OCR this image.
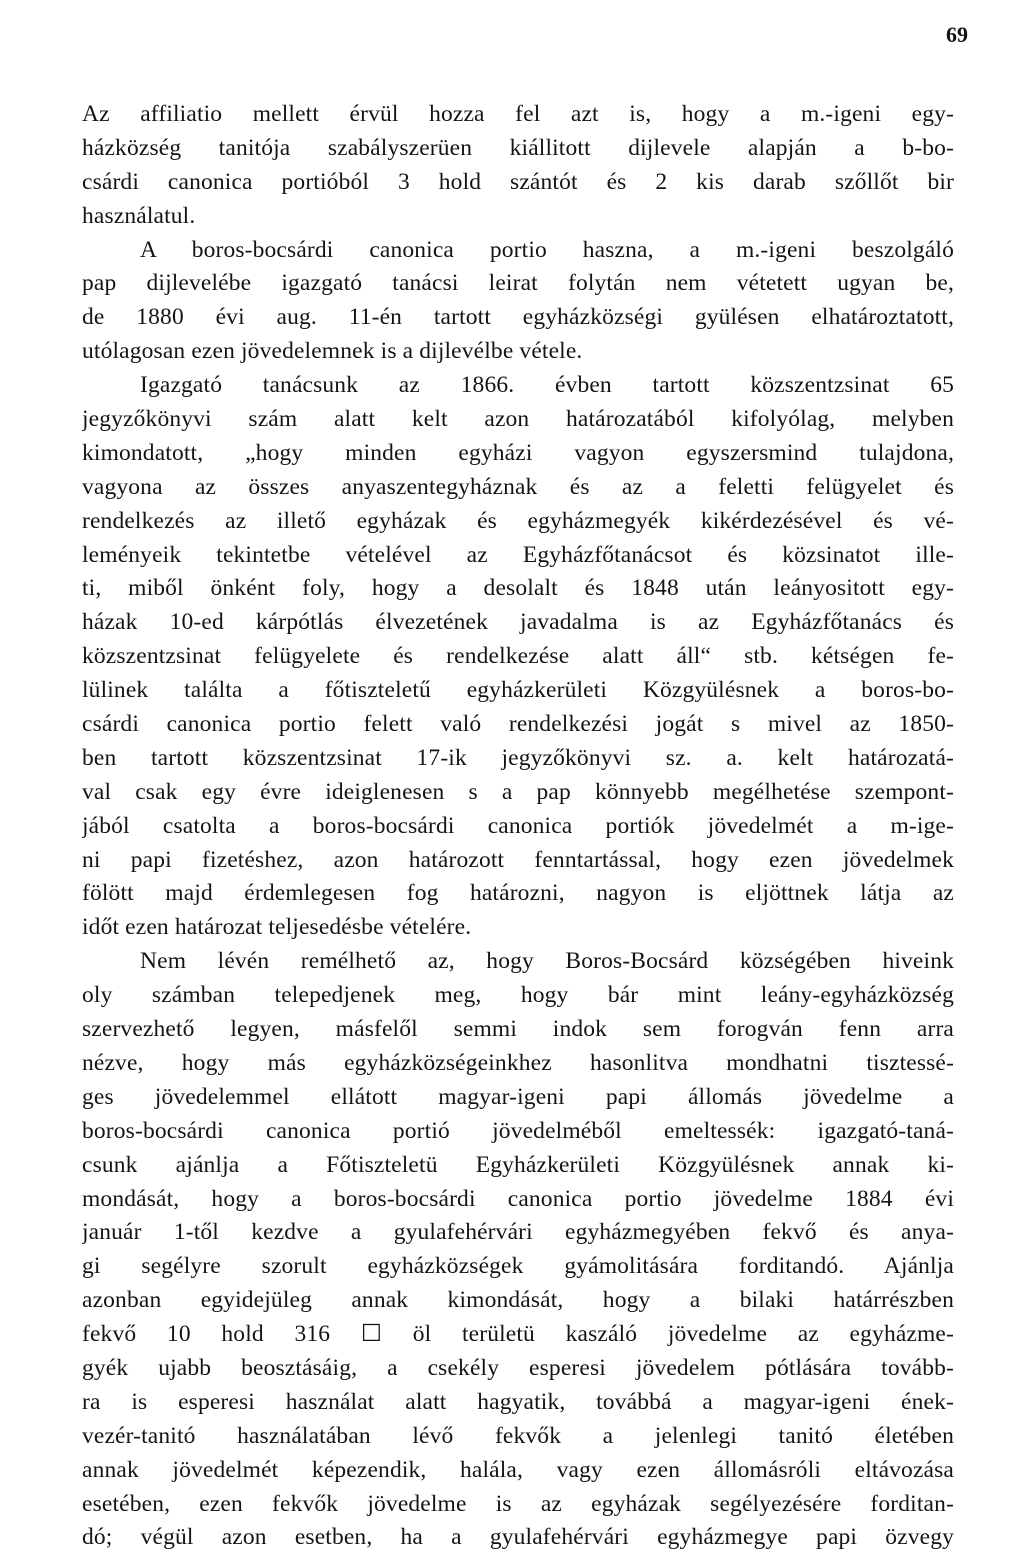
69
Az affiliatio mellett érvül hozza fel azt is, hogy a m.-igeni egy-
házközség tanitója szabályszerüen kiállitott dijlevele alapján a b-bo-
csárdi canonica portióból 3 hold szántót és 2 kis darab szőllőt bir
használatul.
A boros-bocsárdi canonica portio haszna, a m.-igeni beszolgáló
pap dijlevelébe igazgató tanácsi leirat folytán nem vétetett ugyan be,
de 1880 évi aug. 11-én tartott egyházközségi gyülésen elhatároztatott,
utólagosan ezen jövedelemnek is a dijlevélbe vétele.
Igazgató tanácsunk az 1866. évben tartott közszentzsinat 65
jegyzőkönyvi szám alatt kelt azon határozatából kifolyólag, melyben
kimondatott, „hogy minden egyházi vagyon egyszersmind tulajdona,
vagyona az összes anyaszentegyháznak és az a feletti felügyelet és
rendelkezés az illető egyházak és egyházmegyék kikérdezésével és vé-
leményeik tekintetbe vételével az Egyházfőtanácsot és közsinatot ille-
ti, miből önként foly, hogy a desolalt és 1848 után leányositott egy-
házak 10-ed kárpótlás élvezetének javadalma is az Egyházfőtanács és
közszentzsinat felügyelete és rendelkezése alatt áll“ stb. kétségen fe-
lülinek találta a főtiszteletű egyházkerületi Közgyülésnek a boros-bo-
csárdi canonica portio felett való rendelkezési jogát s mivel az 1850-
ben tartott közszentzsinat 17-ik jegyzőkönyvi sz. a. kelt határozatá-
val csak egy évre ideiglenesen s a pap könnyebb megélhetése szempont-
jából csatolta a boros-bocsárdi canonica portiók jövedelmét a m-ige-
ni papi fizetéshez, azon határozott fenntartással, hogy ezen jövedelmek
fölött majd érdemlegesen fog határozni, nagyon is eljöttnek látja az
időt ezen határozat teljesedésbe vételére.
Nem lévén remélhető az, hogy Boros-Bocsárd községében hiveink
oly számban telepedjenek meg, hogy bár mint leány-egyházközség
szervezhető legyen, másfelől semmi indok sem forogván fenn arra
nézve, hogy más egyházközségeinkhez hasonlitva mondhatni tisztessé-
ges jövedelemmel ellátott magyar-igeni papi állomás jövedelme a
boros-bocsárdi canonica portió jövedelméből emeltessék: igazgató-taná-
csunk ajánlja a Főtiszteletü Egyházkerületi Közgyülésnek annak ki-
mondását, hogy a boros-bocsárdi canonica portio jövedelme 1884 évi
január 1-től kezdve a gyulafehérvári egyházmegyében fekvő és anya-
gi segélyre szorult egyházközségek gyámolitására forditandó. Ajánlja
azonban egyidejüleg annak kimondását, hogy a bilaki határrészben
fekvő 10 hold 316 ☐ öl területü kaszáló jövedelme az egyházme-
gyék ujabb beosztásáig, a csekély esperesi jövedelem pótlására tovább-
ra is esperesi használat alatt hagyatik, továbbá a magyar-igeni ének-
vezér-tanitó használatában lévő fekvők a jelenlegi tanitó életében
annak jövedelmét képezendik, halála, vagy ezen állomásróli eltávozása
esetében, ezen fekvők jövedelme is az egyházak segélyezésére forditan-
dó; végül azon esetben, ha a gyulafehérvári egyházmegye papi özvegy
